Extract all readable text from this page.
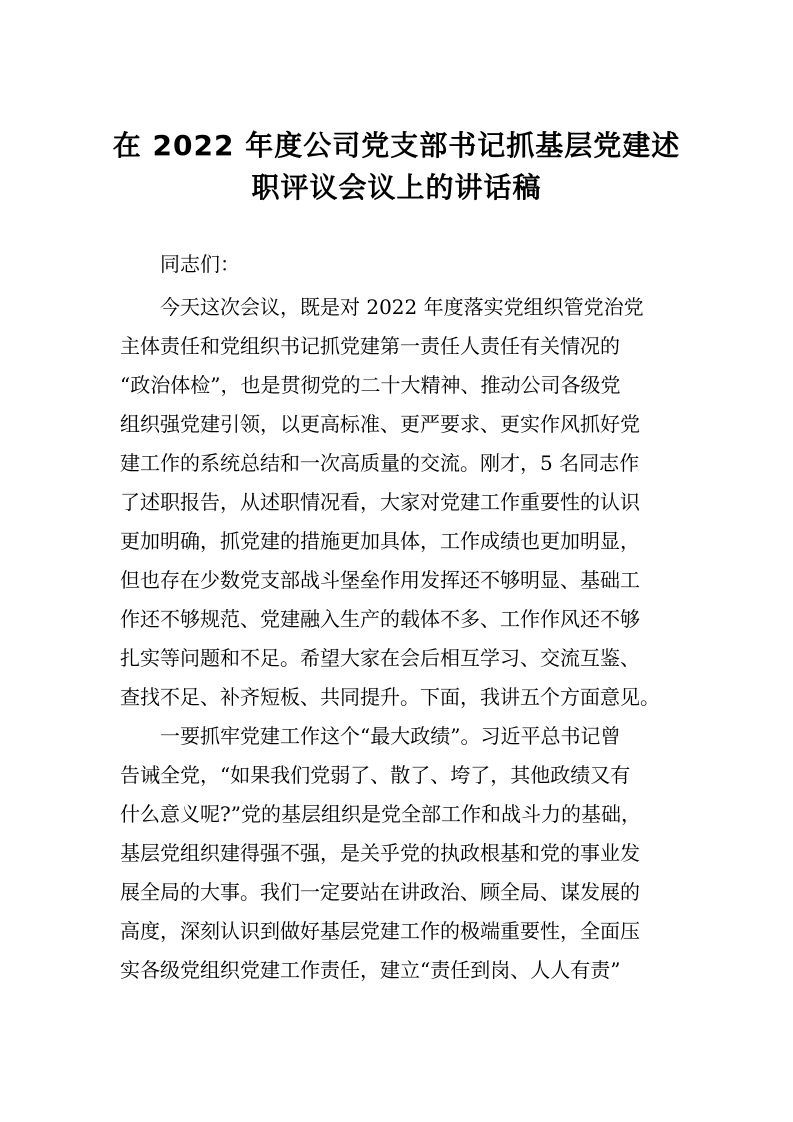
在 2022 年度公司党支部书记抓基层党建述
职评议会议上的讲话稿
同志们：
今天这次会议，既是对 2022 年度落实党组织管党治党
主体责任和党组织书记抓党建第一责任人责任有关情况的
“政治体检”，也是贯彻党的二十大精神、推动公司各级党
组织强党建引领，以更高标准、更严要求、更实作风抓好党
建工作的系统总结和一次高质量的交流。刚才，5 名同志作
了述职报告，从述职情况看，大家对党建工作重要性的认识
更加明确，抓党建的措施更加具体，工作成绩也更加明显，
但也存在少数党支部战斗堡垒作用发挥还不够明显、基础工
作还不够规范、党建融入生产的载体不多、工作作风还不够
扎实等问题和不足。希望大家在会后相互学习、交流互鉴、
查找不足、补齐短板、共同提升。下面，我讲五个方面意见。
一要抓牢党建工作这个“最大政绩”。习近平总书记曾
告诫全党，“如果我们党弱了、散了、垮了，其他政绩又有
什么意义呢?”党的基层组织是党全部工作和战斗力的基础，
基层党组织建得强不强，是关乎党的执政根基和党的事业发
展全局的大事。我们一定要站在讲政治、顾全局、谋发展的
高度，深刻认识到做好基层党建工作的极端重要性，全面压
实各级党组织党建工作责任，建立“责任到岗、人人有责”
